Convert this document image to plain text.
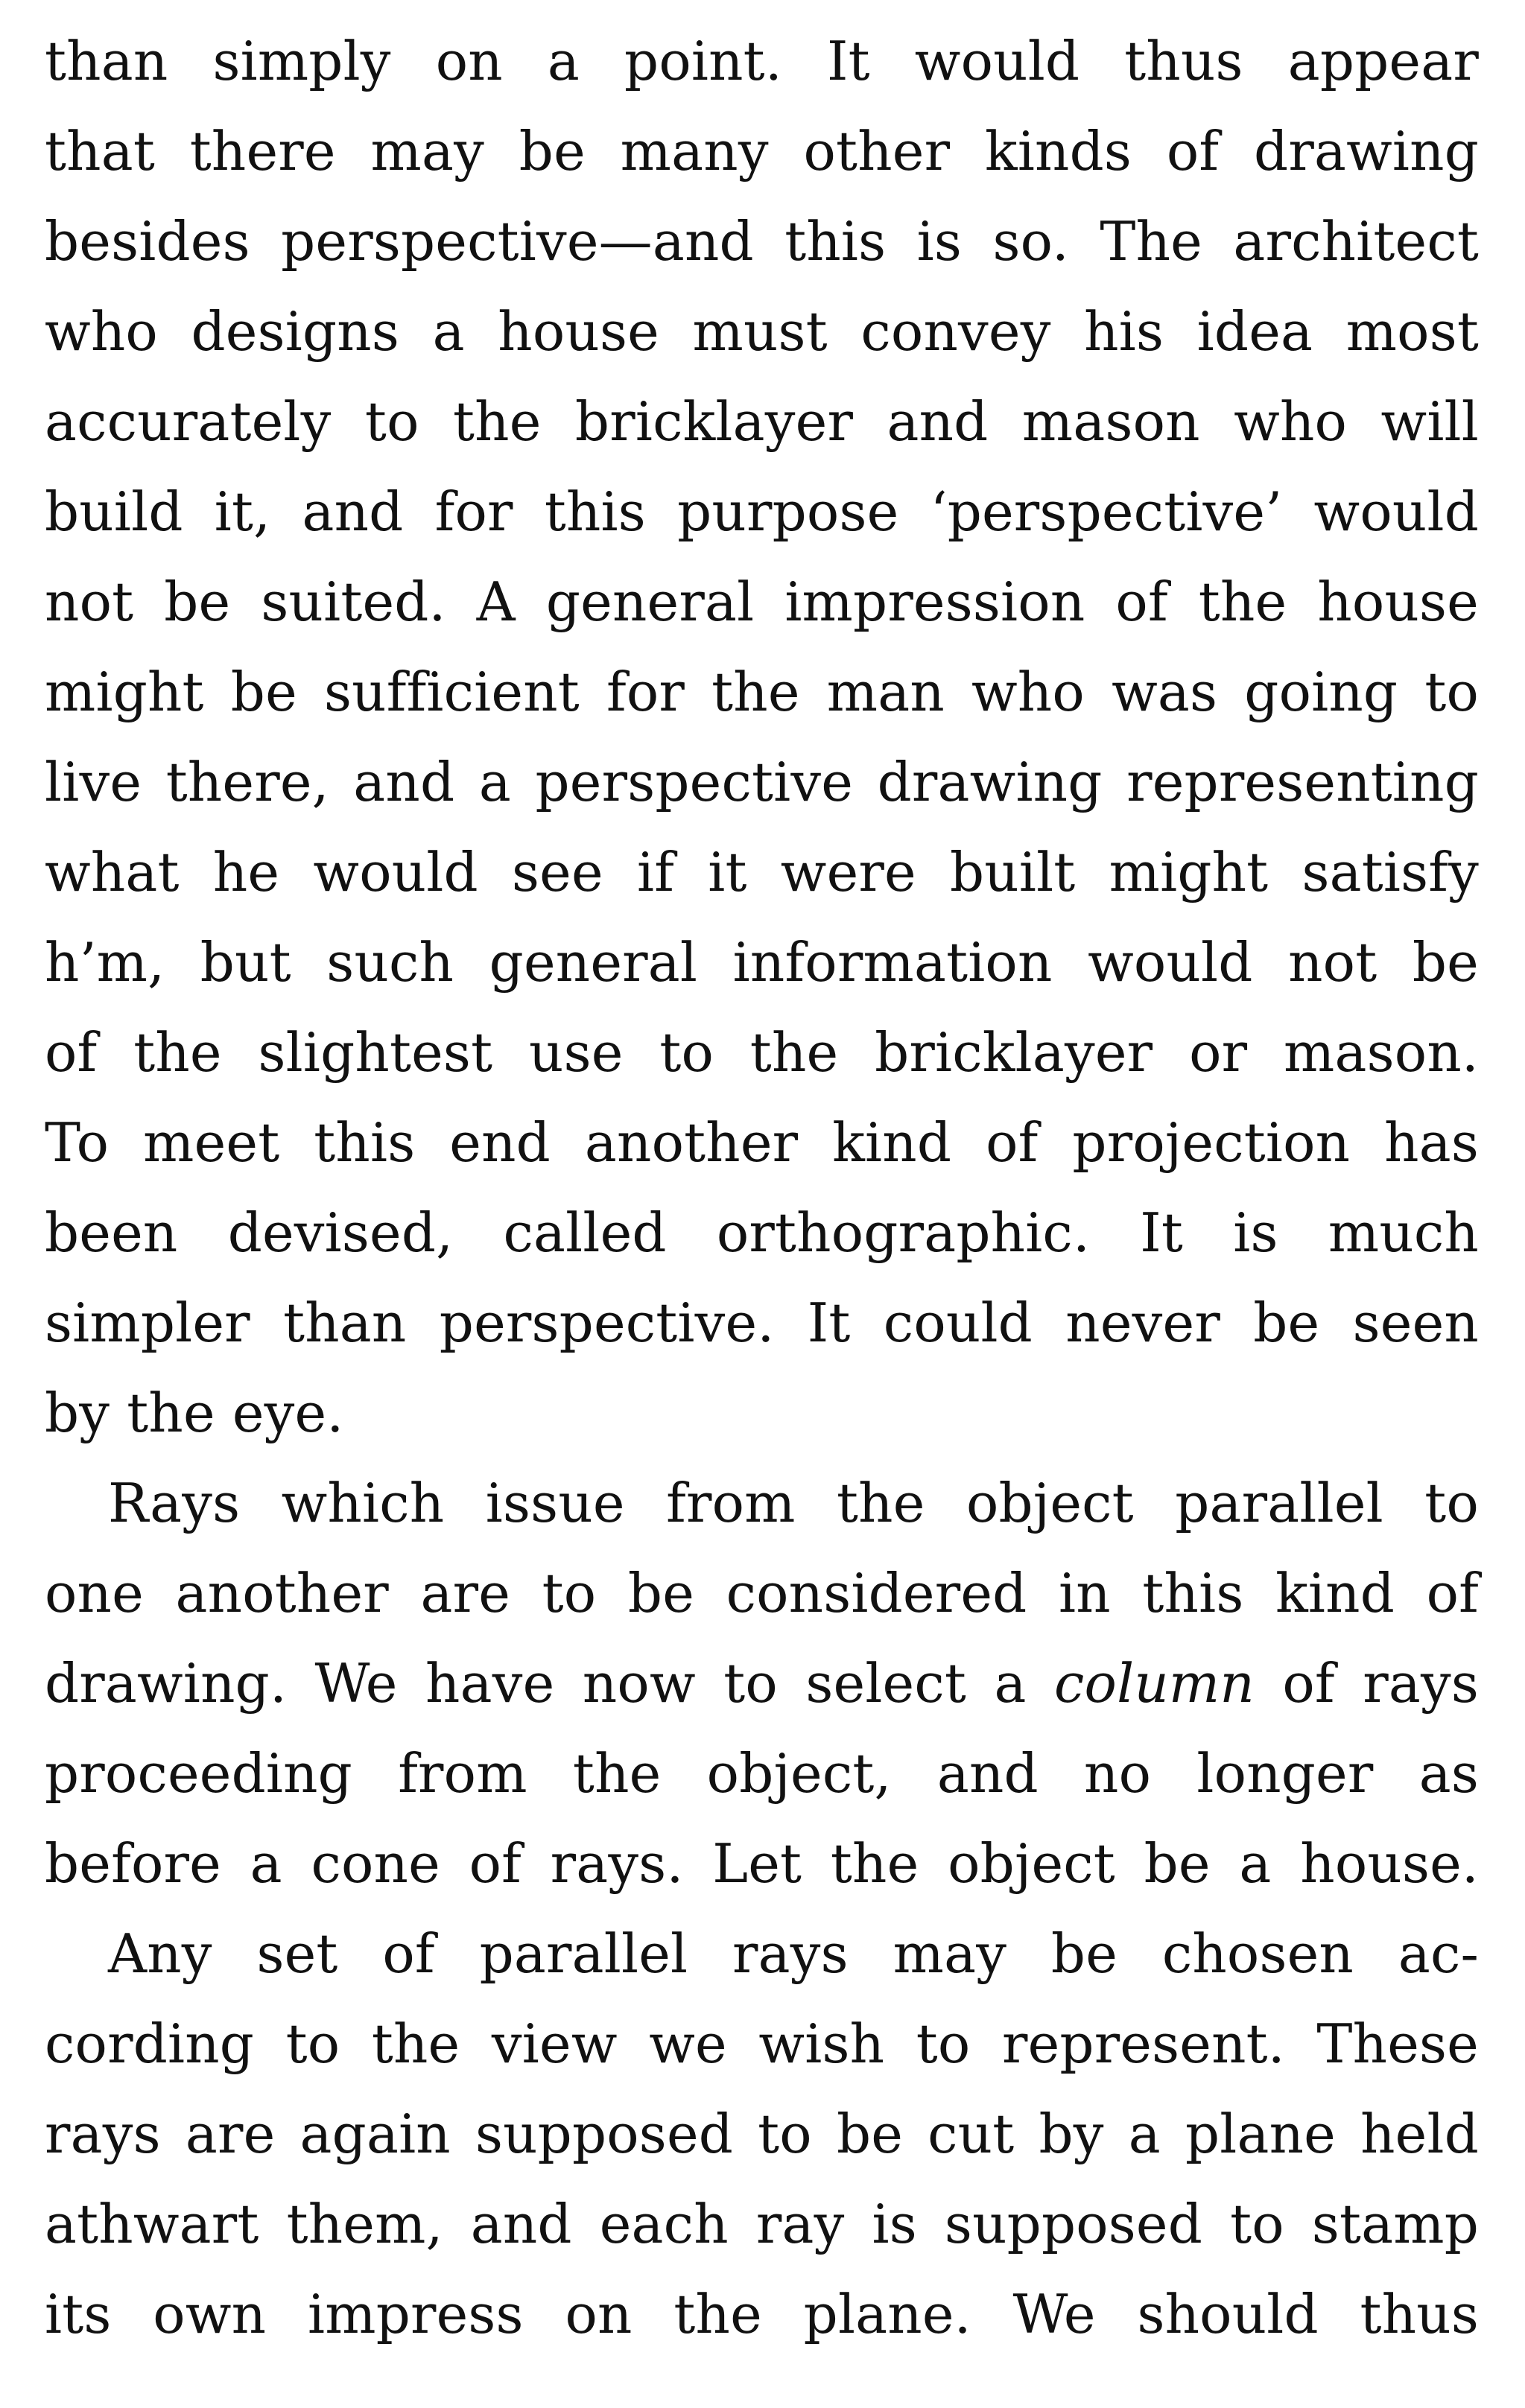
than simply on a point. It would thus appear
that there may be many other kinds of drawing
besides perspective—and this is so. The architect
who designs a house must convey his idea most
accurately to the bricklayer and mason who will
build it, and for this purpose ‘perspective’ would
not be suited. A general impression of the house
might be sufficient for the man who was going to
live there, and a perspective drawing representing
what he would see if it were built might satisfy
h’m, but such general information would not be
of the slightest use to the bricklayer or mason.
To meet this end another kind of projection has
been devised, called orthographic. It is much
simpler than perspective. It could never be seen
by the eye.
Rays which issue from the object parallel to
one another are to be considered in this kind of
drawing. We have now to select a column of rays
proceeding from the object, and no longer as
before a cone of rays. Let the object be a house.
Any set of parallel rays may be chosen ac-
cording to the view we wish to represent. These
rays are again supposed to be cut by a plane held
athwart them, and each ray is supposed to stamp
its own impress on the plane. We should thus
